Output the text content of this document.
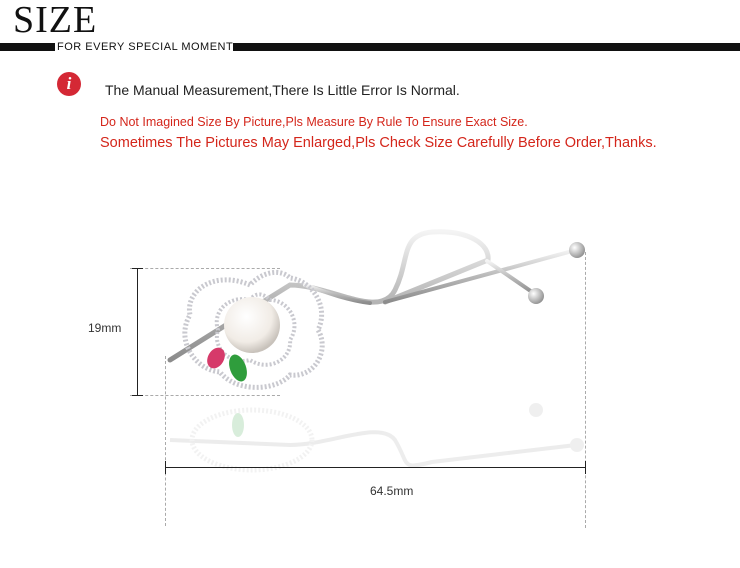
SIZE
FOR EVERY SPECIAL MOMENT
i	The Manual Measurement,There Is Little Error Is Normal.
Do Not Imagined Size By Picture,Pls Measure By Rule To Ensure Exact Size.
Sometimes The Pictures May Enlarged,Pls Check Size Carefully Before Order,Thanks.
19mm
64.5mm
